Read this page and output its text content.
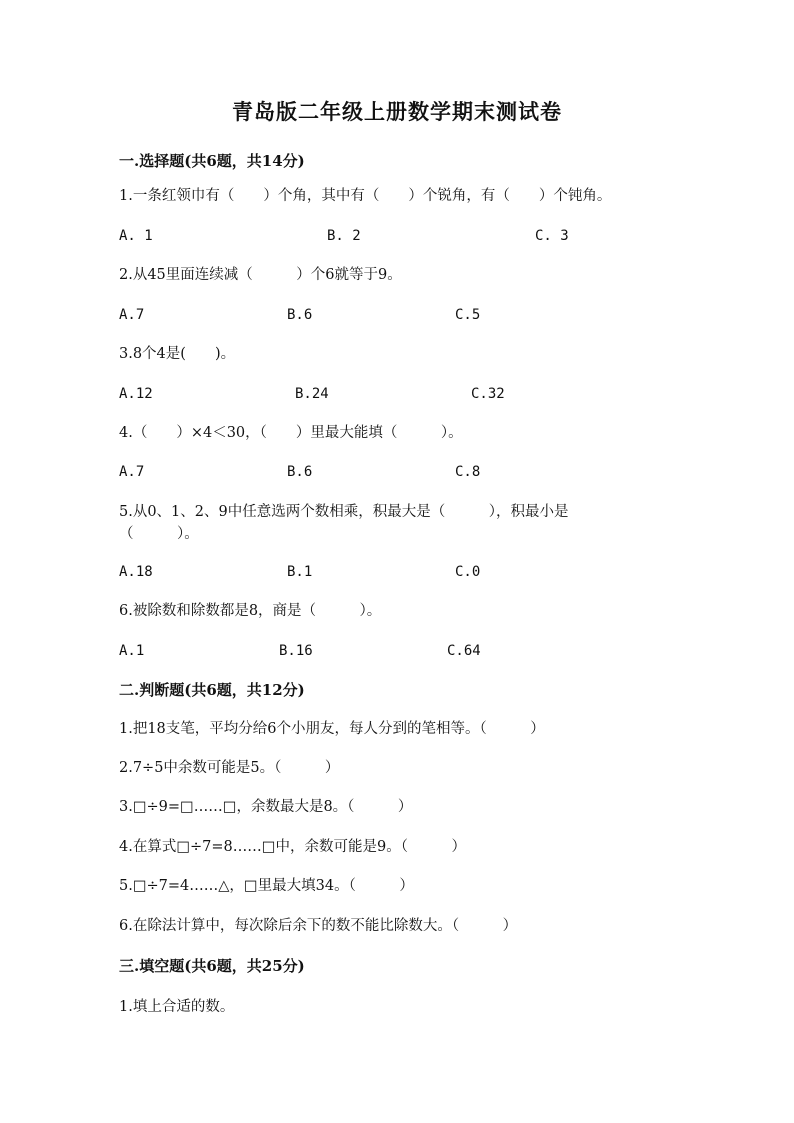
青岛版二年级上册数学期末测试卷
一.选择题(共6题，共14分)
1.一条红领巾有（　　）个角，其中有（　　）个锐角，有（　　）个钝角。
A. 1	B. 2	C. 3
2.从45里面连续减（　　　）个6就等于9。
A.7	B.6	C.5
3.8个4是(　　)。
A.12	B.24	C.32
4.（　　）×4＜30，（　　）里最大能填（　　　）。
A.7	B.6	C.8
5.从0、1、2、9中任意选两个数相乘，积最大是（　　　），积最小是（　　　）。
A.18	B.1	C.0
6.被除数和除数都是8，商是（　　　）。
A.1	B.16	C.64
二.判断题(共6题，共12分)
1.把18支笔，平均分给6个小朋友，每人分到的笔相等。（　　　）
2.7÷5中余数可能是5。（　　　）
3.□÷9=□……□，余数最大是8。（　　　）
4.在算式□÷7=8……□中，余数可能是9。（　　　）
5.□÷7=4……△，□里最大填34。（　　　）
6.在除法计算中，每次除后余下的数不能比除数大。（　　　）
三.填空题(共6题，共25分)
1.填上合适的数。
